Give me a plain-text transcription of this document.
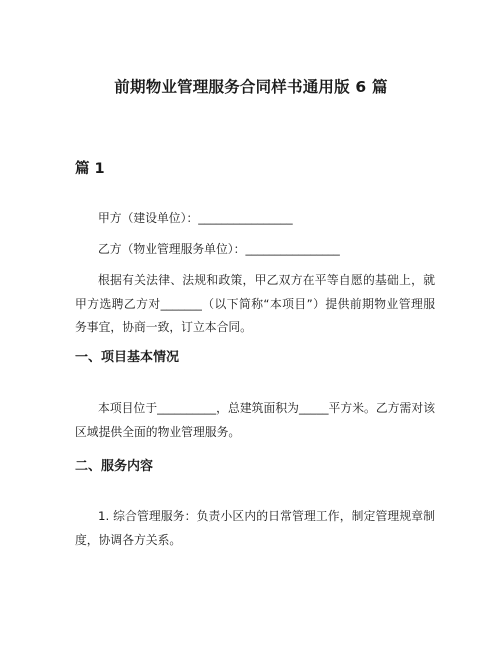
前期物业管理服务合同样书通用版 6 篇
篇 1

甲方（建设单位）：________________

乙方（物业管理服务单位）：________________

根据有关法律、法规和政策，甲乙双方在平等自愿的基础上，就甲方选聘乙方对_______（以下简称“本项目”）提供前期物业管理服务事宜，协商一致，订立本合同。

一、项目基本情况

本项目位于__________，总建筑面积为_____平方米。乙方需对该区域提供全面的物业管理服务。

二、服务内容

1. 综合管理服务：负责小区内的日常管理工作，制定管理规章制度，协调各方关系。
